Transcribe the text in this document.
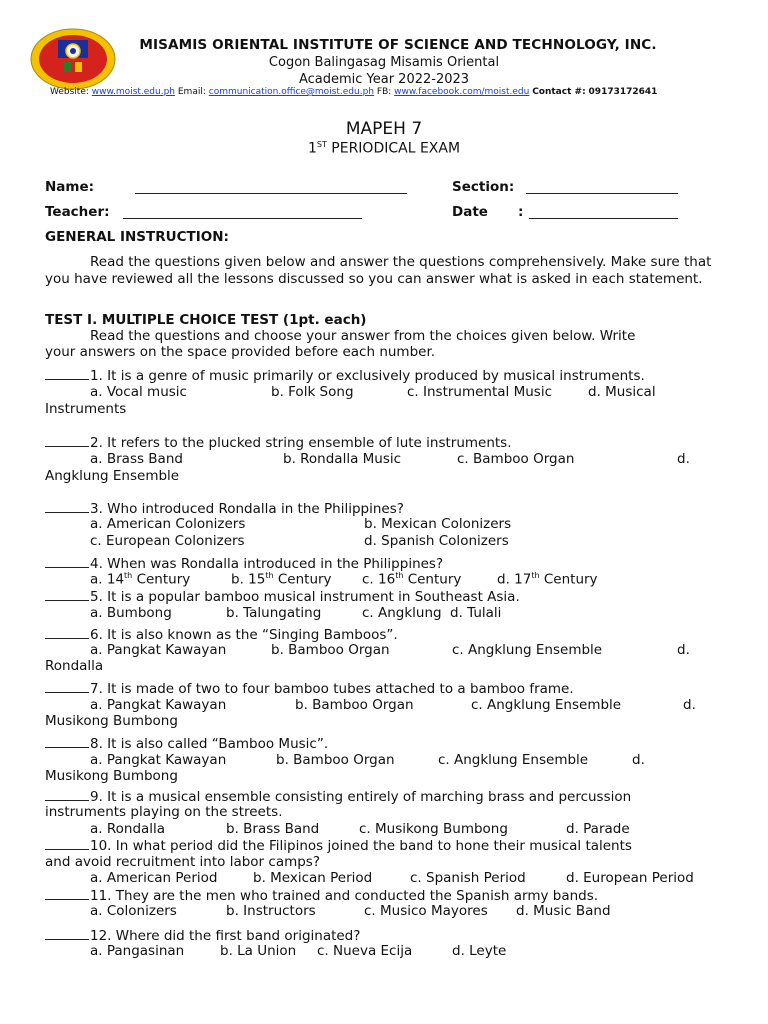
MISAMIS ORIENTAL INSTITUTE OF SCIENCE AND TECHNOLOGY, INC.
Cogon Balingasag Misamis Oriental
Academic Year 2022-2023
Website: www.moist.edu.ph Email: communication.office@moist.edu.ph FB: www.facebook.com/moist.edu Contact #: 09173172641
MAPEH 7
1ST PERIODICAL EXAM
Name:	Section:
Teacher:	Date :
GENERAL INSTRUCTION:
Read the questions given below and answer the questions comprehensively. Make sure that you have reviewed all the lessons discussed so you can answer what is asked in each statement.
TEST I. MULTIPLE CHOICE TEST (1pt. each)
Read the questions and choose your answer from the choices given below. Write
your answers on the space provided before each number.
1. It is a genre of music primarily or exclusively produced by musical instruments.
a. Vocal music	b. Folk Song	c. Instrumental Music	d. Musical
Instruments
2. It refers to the plucked string ensemble of lute instruments.
a. Brass Band	b. Rondalla Music	c. Bamboo Organ	d.
Angklung Ensemble
3. Who introduced Rondalla in the Philippines?
a. American Colonizers	b. Mexican Colonizers
c. European Colonizers	d. Spanish Colonizers
4. When was Rondalla introduced in the Philippines?
a. 14th Century	b. 15th Century c. 16th Century	d. 17th Century
5. It is a popular bamboo musical instrument in Southeast Asia.
a. Bumbong	b. Talungating	c. Angklung d. Tulali
6. It is also known as the “Singing Bamboos”.
a. Pangkat Kawayan	b. Bamboo Organ	c. Angklung Ensemble	d.
Rondalla
7. It is made of two to four bamboo tubes attached to a bamboo frame.
a. Pangkat Kawayan	b. Bamboo Organ	c. Angklung Ensemble	d.
Musikong Bumbong
8. It is also called “Bamboo Music”.
a. Pangkat Kawayan	b. Bamboo Organ	c. Angklung Ensemble	d.
Musikong Bumbong
9. It is a musical ensemble consisting entirely of marching brass and percussion
instruments playing on the streets.
a. Rondalla	b. Brass Band	c. Musikong Bumbong	d. Parade
10. In what period did the Filipinos joined the band to hone their musical talents
and avoid recruitment into labor camps?
a. American Period	b. Mexican Period	c. Spanish Period	d. European Period
11. They are the men who trained and conducted the Spanish army bands.
a. Colonizers	b. Instructors	c. Musico Mayores d. Music Band
12. Where did the first band originated?
a. Pangasinan	b. La Union c. Nueva Ecija	d. Leyte
